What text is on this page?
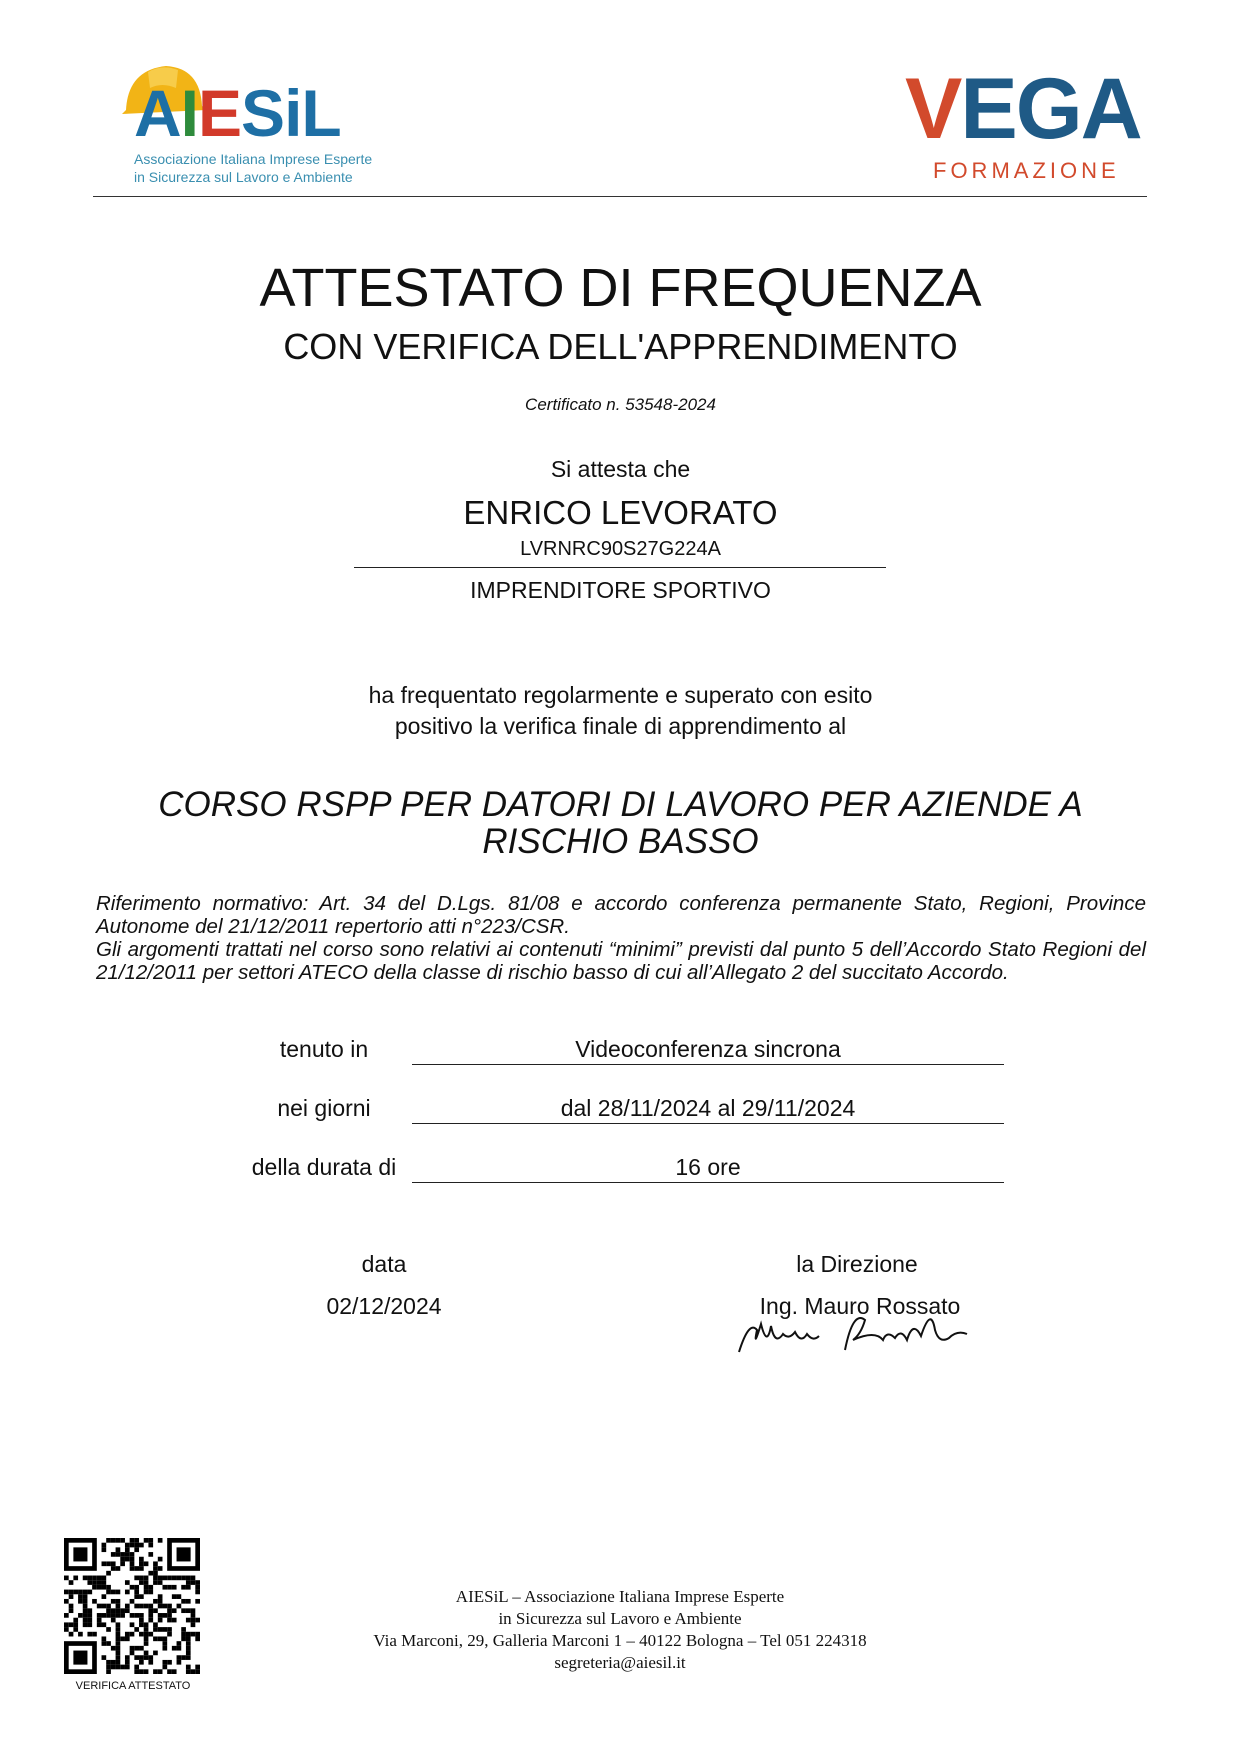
AIESiL
Associazione Italiana Imprese Esperte
in Sicurezza sul Lavoro e Ambiente
VEGA
FORMAZIONE
ATTESTATO DI FREQUENZA
CON VERIFICA DELL'APPRENDIMENTO
Certificato n. 53548-2024
Si attesta che
ENRICO LEVORATO
LVRNRC90S27G224A
IMPRENDITORE SPORTIVO
ha frequentato regolarmente e superato con esito
positivo la verifica finale di apprendimento al
CORSO RSPP PER DATORI DI LAVORO PER AZIENDE A
RISCHIO BASSO

Riferimento normativo: Art. 34 del D.Lgs. 81/08 e accordo conferenza permanente Stato, Regioni, Province Autonome del 21/12/2011 repertorio atti n°223/CSR.

Gli argomenti trattati nel corso sono relativi ai contenuti “minimi” previsti dal punto 5 dell’Accordo Stato Regioni del 21/12/2011 per settori ATECO della classe di rischio basso di cui all’Allegato 2 del succitato Accordo.

tenuto in	Videoconferenza sincrona
nei giorni	dal 28/11/2024 al 29/11/2024
della durata di	16 ore
data
02/12/2024
la Direzione
Ing. Mauro Rossato
VERIFICA ATTESTATO
AIESiL – Associazione Italiana Imprese Esperte
in Sicurezza sul Lavoro e Ambiente
Via Marconi, 29, Galleria Marconi 1 – 40122 Bologna – Tel 051 224318
segreteria@aiesil.it
